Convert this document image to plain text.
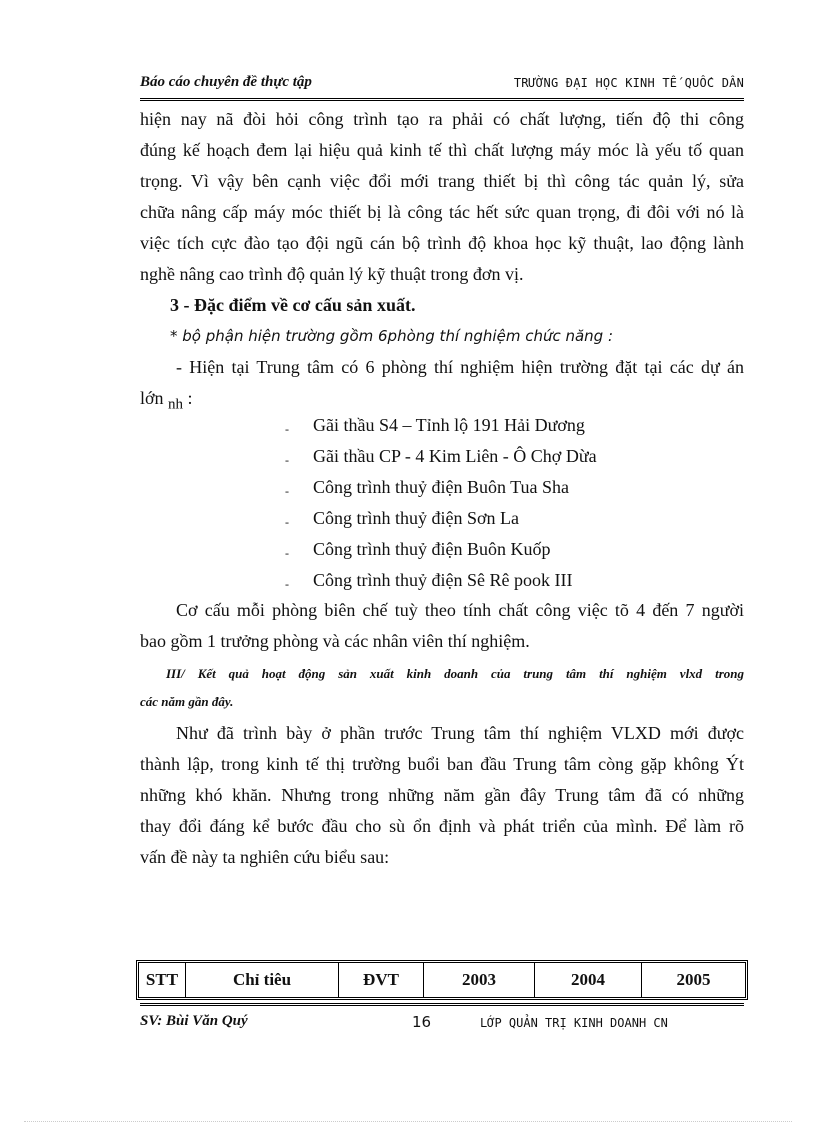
Báo cáo chuyên đề thực tập	TRƯỜNG ĐẠI HỌC KINH TẾ QUỐC DÂN

hiện nay nã đòi hỏi công trình tạo ra phải có chất lượng, tiến độ thi công

đúng kế hoạch đem lại hiệu quả kinh tế thì chất lượng máy móc là yếu tố quan

trọng. Vì vậy bên cạnh việc đổi mới trang thiết bị thì công tác quản lý, sửa

chữa nâng cấp máy móc thiết bị là công tác hết sức quan trọng, đi đôi với nó là

việc tích cực đào tạo đội ngũ cán bộ trình độ khoa học kỹ thuật, lao động lành

nghề nâng cao trình độ quản lý kỹ thuật trong đơn vị.

3 - Đặc điểm về cơ cấu sản xuất.

* bộ phận hiện trường gồm 6phòng thí nghiệm chức năng :

- Hiện tại Trung tâm có 6 phòng thí nghiệm hiện trường đặt tại các dự án

lớn $_{nh}$ :

- Gãi thầu S4 – Tỉnh lộ 191 Hải Dương
- Gãi thầu CP - 4 Kim Liên - Ô Chợ Dừa
- Công trình thuỷ điện Buôn Tua Sha
- Công trình thuỷ điện Sơn La
- Công trình thuỷ điện Buôn Kuốp
- Công trình thuỷ điện Sê Rê pook III

Cơ cấu mỗi phòng biên chế tuỳ theo tính chất công việc tõ 4 đến 7 người

bao gồm 1 trưởng phòng và các nhân viên thí nghiệm.

III/ Kết quả hoạt động sản xuất kinh doanh của trung tâm thí nghiệm vlxd trong
các năm gần đây.

Như đã trình bày ở phần trước Trung tâm thí nghiệm VLXD mới được

thành lập, trong kinh tế thị trường buổi ban đầu Trung tâm còng gặp không Ýt

những khó khăn. Nhưng trong những năm gần đây Trung tâm đã có những

thay đổi đáng kể bước đầu cho sù ổn định và phát triển của mình. Để làm rõ

vấn đề này ta nghiên cứu biểu sau:

STT	Chỉ tiêu	ĐVT	2003	2004	2005
SV: Bùi Văn Quý	16	LỚP QUẢN TRỊ KINH DOANH CN
